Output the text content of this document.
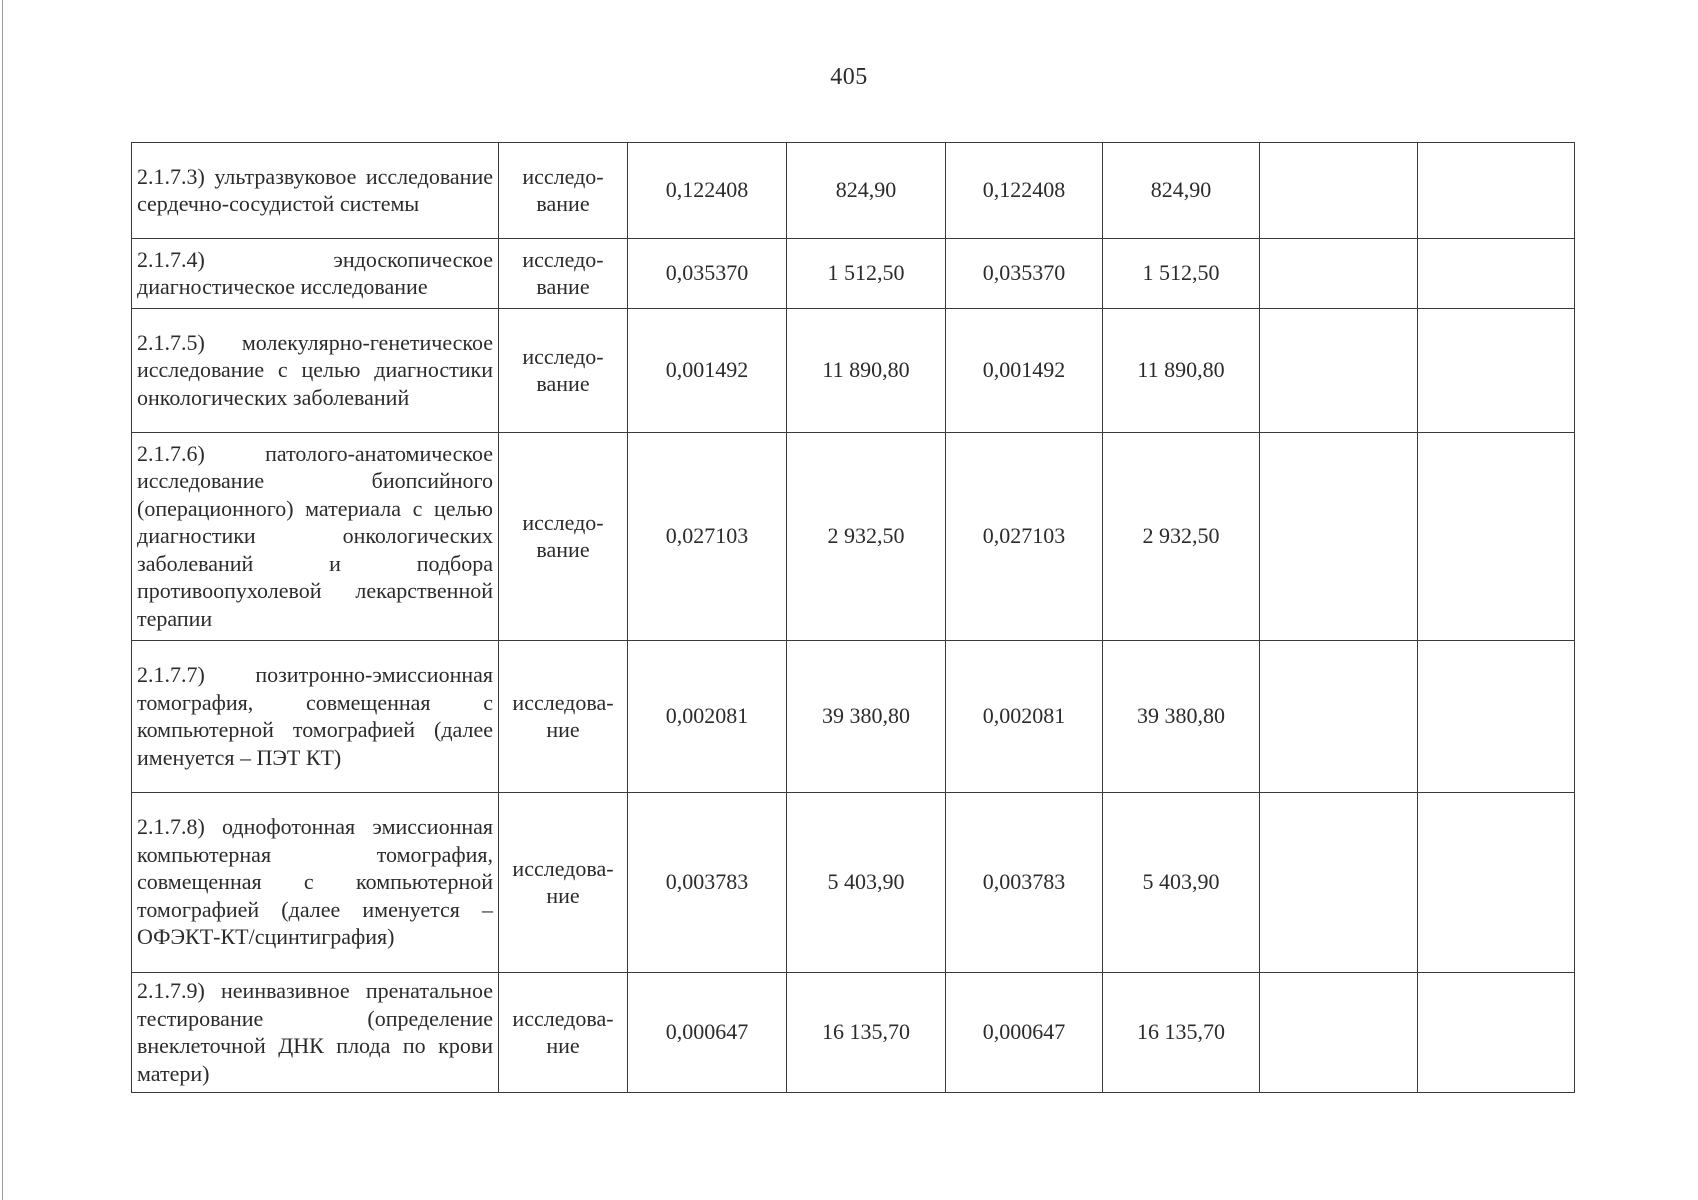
405
2.1.7.3) ультразвуковое исследование сердечно-сосудистой системы	исследо-вание	0,122408	824,90	0,122408	824,90		
2.1.7.4) эндоскопическое диагностическое исследование	исследо-вание	0,035370	1 512,50	0,035370	1 512,50		
2.1.7.5) молекулярно-генетическое исследование с целью диагностики онкологических заболеваний	исследо-вание	0,001492	11 890,80	0,001492	11 890,80		
2.1.7.6) патолого-анатомическое исследование биопсийного (операционного) материала с целью диагностики онкологических заболеваний и подбора противоопухолевой лекарственной терапии	исследо-вание	0,027103	2 932,50	0,027103	2 932,50		
2.1.7.7) позитронно-эмиссионная томография, совмещенная с компьютерной томографией (далее именуется – ПЭТ КТ)	исследова-ние	0,002081	39 380,80	0,002081	39 380,80		
2.1.7.8) однофотонная эмиссионная компьютерная томография, совмещенная с компьютерной томографией (далее именуется – ОФЭКТ-КТ/сцинтиграфия)	исследова-ние	0,003783	5 403,90	0,003783	5 403,90		
2.1.7.9) неинвазивное пренатальное тестирование (определение внеклеточной ДНК плода по крови матери)	исследова-ние	0,000647	16 135,70	0,000647	16 135,70		
